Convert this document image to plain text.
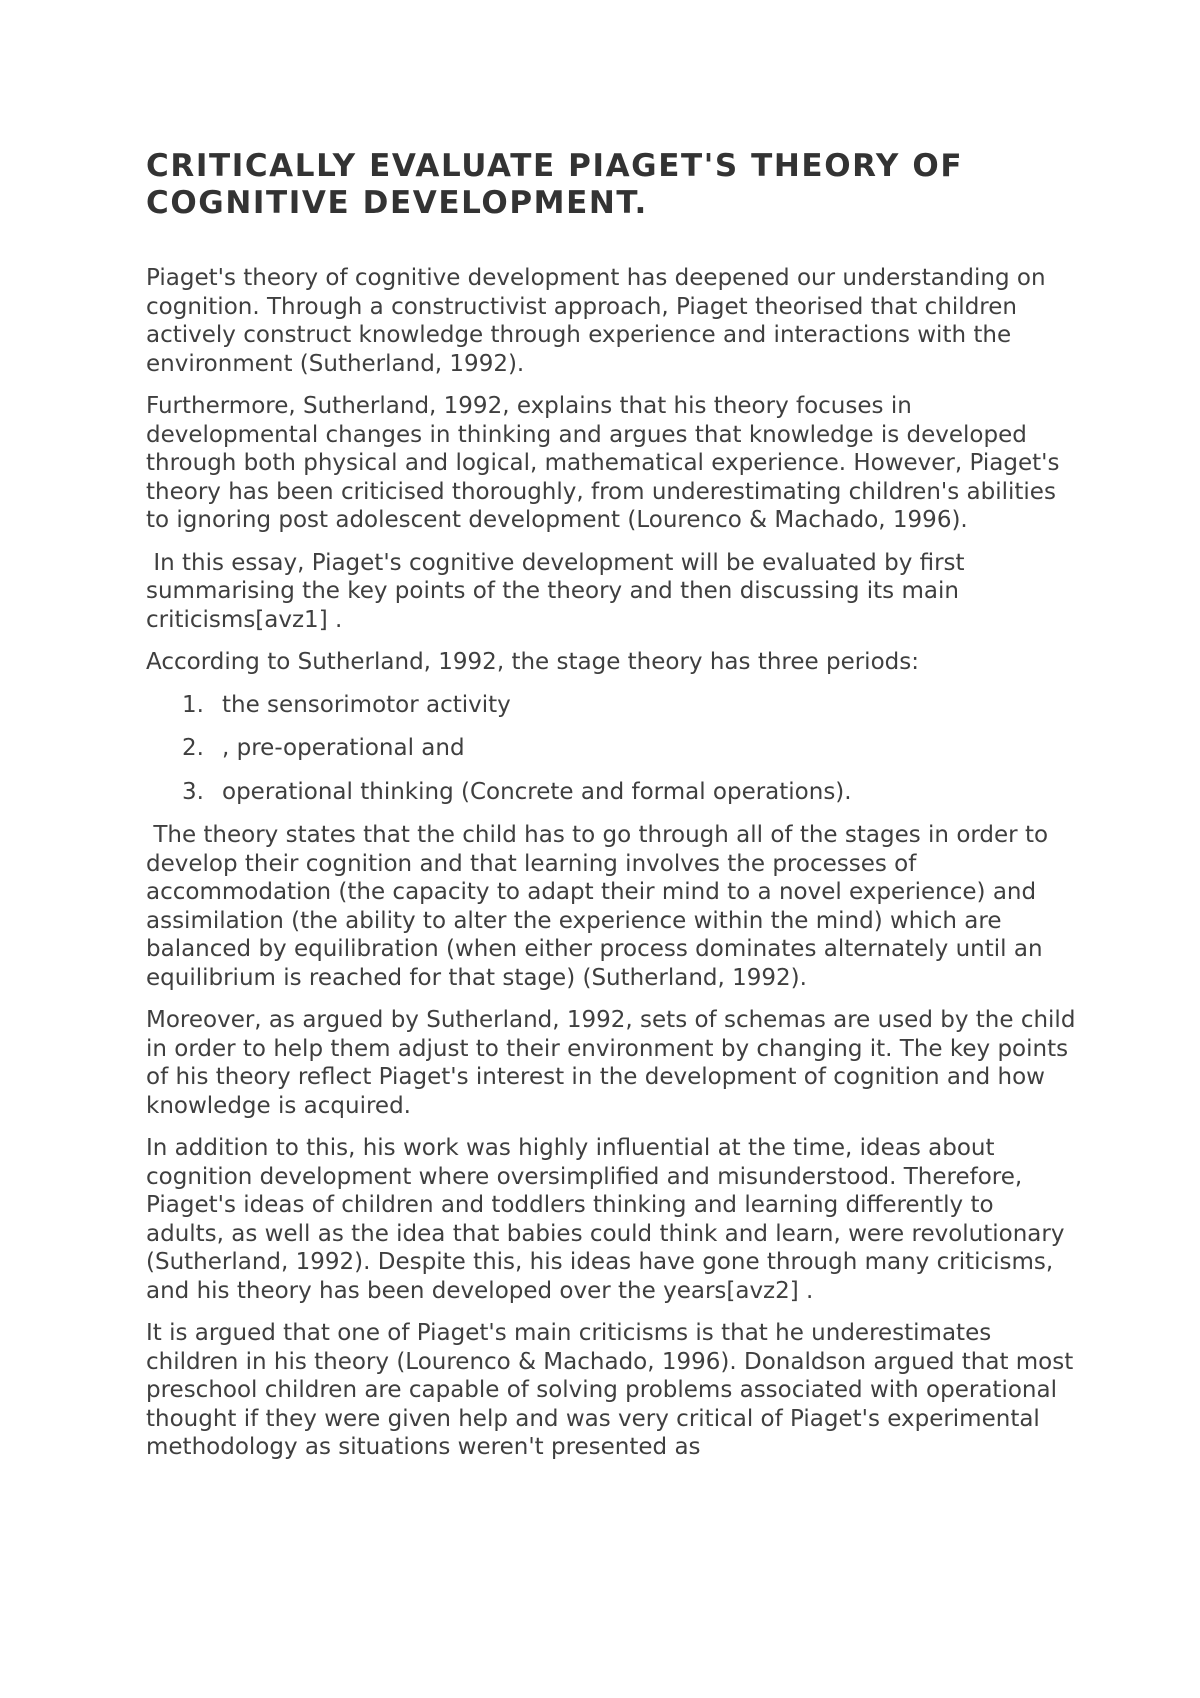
CRITICALLY EVALUATE PIAGET'S THEORY OF COGNITIVE DEVELOPMENT.

Piaget's theory of cognitive development has deepened our understanding on cognition. Through a constructivist approach, Piaget theorised that children actively construct knowledge through experience and interactions with the environment (Sutherland, 1992).

Furthermore, Sutherland, 1992, explains that his theory focuses in developmental changes in thinking and argues that knowledge is developed through both physical and logical, mathematical experience. However, Piaget's theory has been criticised thoroughly, from underestimating children's abilities to ignoring post adolescent development (Lourenco & Machado, 1996).

In this essay, Piaget's cognitive development will be evaluated by first summarising the key points of the theory and then discussing its main criticisms[avz1] .

According to Sutherland, 1992, the stage theory has three periods:

1. the sensorimotor activity
2. , pre-operational and
3. operational thinking (Concrete and formal operations).

The theory states that the child has to go through all of the stages in order to develop their cognition and that learning involves the processes of accommodation (the capacity to adapt their mind to a novel experience) and assimilation (the ability to alter the experience within the mind) which are balanced by equilibration (when either process dominates alternately until an equilibrium is reached for that stage) (Sutherland, 1992).

Moreover, as argued by Sutherland, 1992, sets of schemas are used by the child in order to help them adjust to their environment by changing it. The key points of his theory reflect Piaget's interest in the development of cognition and how knowledge is acquired.

In addition to this, his work was highly influential at the time, ideas about cognition development where oversimplified and misunderstood. Therefore, Piaget's ideas of children and toddlers thinking and learning differently to adults, as well as the idea that babies could think and learn, were revolutionary (Sutherland, 1992). Despite this, his ideas have gone through many criticisms, and his theory has been developed over the years[avz2] .

It is argued that one of Piaget's main criticisms is that he underestimates children in his theory (Lourenco & Machado, 1996). Donaldson argued that most preschool children are capable of solving problems associated with operational thought if they were given help and was very critical of Piaget's experimental methodology as situations weren't presented as
